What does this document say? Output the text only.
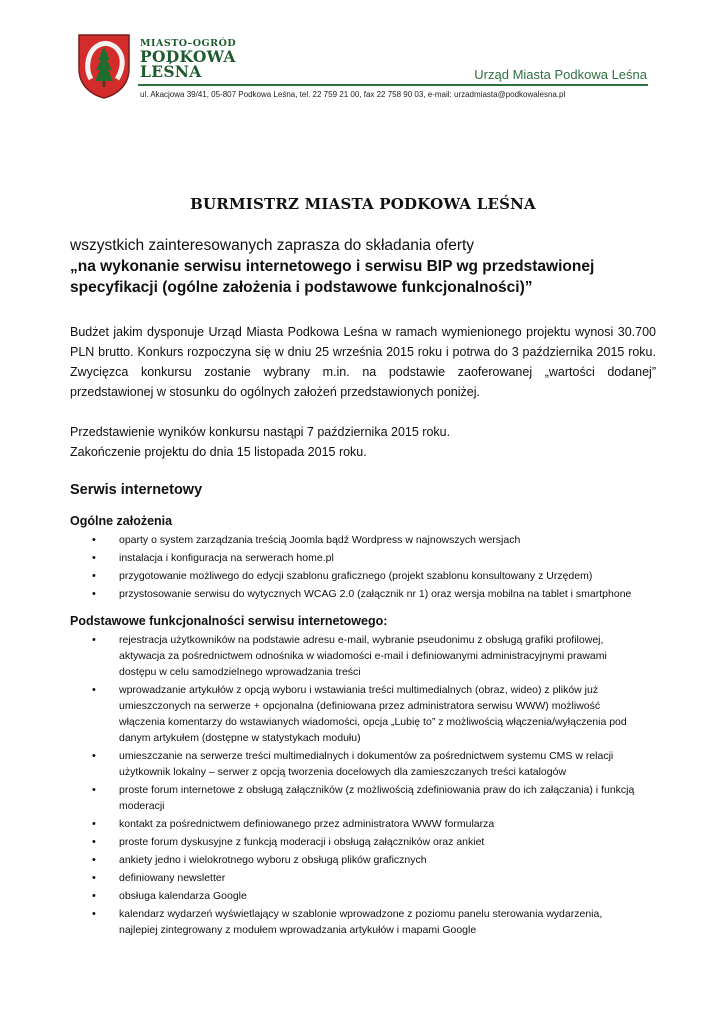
MIASTO–OGRÓD
PODKOWA
LEŚNA	Urząd Miasta Podkowa Leśna
ul. Akacjowa 39/41, 05-807 Podkowa Leśna, tel. 22 759 21 00, fax 22 758 90 03, e-mail: urzadmiasta@podkowalesna.pl

BURMISTRZ MIASTA PODKOWA LEŚNA

wszystkich zainteresowanych zaprasza do składania oferty

„na wykonanie serwisu internetowego i serwisu BIP wg przedstawionej specyfikacji (ogólne założenia i podstawowe funkcjonalności)”

Budżet jakim dysponuje Urząd Miasta Podkowa Leśna w ramach wymienionego projektu wynosi 30.700 PLN brutto. Konkurs rozpoczyna się w dniu 25 września 2015 roku i potrwa do 3 października 2015 roku. Zwycięzca konkursu zostanie wybrany m.in. na podstawie zaoferowanej „wartości dodanej” przedstawionej w stosunku do ogólnych założeń przedstawionych poniżej.

Przedstawienie wyników konkursu nastąpi 7 października 2015 roku.
Zakończenie projektu do dnia 15 listopada 2015 roku.

Serwis internetowy

Ogólne założenia

• oparty o system zarządzania treścią Joomla bądź Wordpress w najnowszych wersjach
• instalacja i konfiguracja na serwerach home.pl
• przygotowanie możliwego do edycji szablonu graficznego (projekt szablonu konsultowany z Urzędem)
• przystosowanie serwisu do wytycznych WCAG 2.0 (załącznik nr 1) oraz wersja mobilna na tablet i smartphone

Podstawowe funkcjonalności serwisu internetowego:

• rejestracja użytkowników na podstawie adresu e-mail, wybranie pseudonimu z obsługą grafiki profilowej, aktywacja za pośrednictwem odnośnika w wiadomości e-mail i definiowanymi administracyjnymi prawami dostępu w celu samodzielnego wprowadzania treści
• wprowadzanie artykułów z opcją wyboru i wstawiania treści multimedialnych (obraz, wideo) z plików już umieszczonych na serwerze + opcjonalna (definiowana przez administratora serwisu WWW) możliwość włączenia komentarzy do wstawianych wiadomości, opcja „Lubię to” z możliwością włączenia/wyłączenia pod danym artykułem (dostępne w statystykach modułu)
• umieszczanie na serwerze treści multimedialnych i dokumentów za pośrednictwem systemu CMS w relacji użytkownik lokalny – serwer z opcją tworzenia docelowych dla zamieszczanych treści katalogów
• proste forum internetowe z obsługą załączników (z możliwością zdefiniowania praw do ich załączania) i funkcją moderacji
• kontakt za pośrednictwem definiowanego przez administratora WWW formularza
• proste forum dyskusyjne z funkcją moderacji i obsługą załączników oraz ankiet
• ankiety jedno i wielokrotnego wyboru z obsługą plików graficznych
• definiowany newsletter
• obsługa kalendarza Google
• kalendarz wydarzeń wyświetlający w szablonie wprowadzone z poziomu panelu sterowania wydarzenia, najlepiej zintegrowany z modułem wprowadzania artykułów i mapami Google
